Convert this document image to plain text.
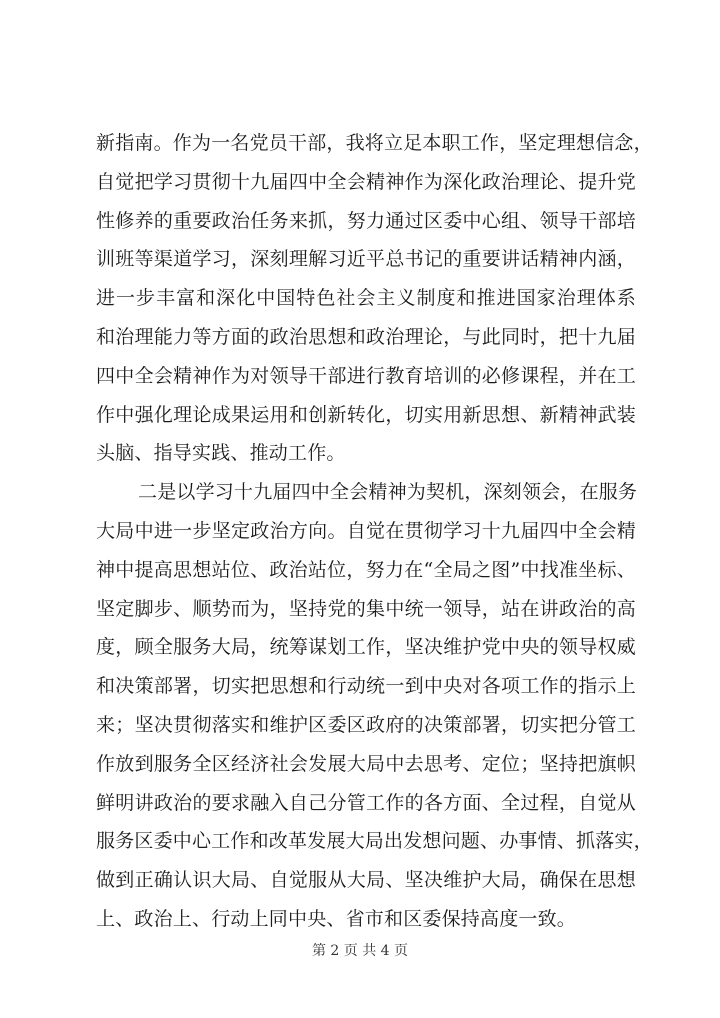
新指南。作为一名党员干部，我将立足本职工作，坚定理想信念，
自觉把学习贯彻十九届四中全会精神作为深化政治理论、提升党
性修养的重要政治任务来抓，努力通过区委中心组、领导干部培
训班等渠道学习，深刻理解习近平总书记的重要讲话精神内涵，
进一步丰富和深化中国特色社会主义制度和推进国家治理体系
和治理能力等方面的政治思想和政治理论，与此同时，把十九届
四中全会精神作为对领导干部进行教育培训的必修课程，并在工
作中强化理论成果运用和创新转化，切实用新思想、新精神武装
头脑、指导实践、推动工作。
二是以学习十九届四中全会精神为契机，深刻领会，在服务
大局中进一步坚定政治方向。自觉在贯彻学习十九届四中全会精
神中提高思想站位、政治站位，努力在“全局之图”中找准坐标、
坚定脚步、顺势而为，坚持党的集中统一领导，站在讲政治的高
度，顾全服务大局，统筹谋划工作，坚决维护党中央的领导权威
和决策部署，切实把思想和行动统一到中央对各项工作的指示上
来；坚决贯彻落实和维护区委区政府的决策部署，切实把分管工
作放到服务全区经济社会发展大局中去思考、定位；坚持把旗帜
鲜明讲政治的要求融入自己分管工作的各方面、全过程，自觉从
服务区委中心工作和改革发展大局出发想问题、办事情、抓落实，
做到正确认识大局、自觉服从大局、坚决维护大局，确保在思想
上、政治上、行动上同中央、省市和区委保持高度一致。
第 2 页 共 4 页
